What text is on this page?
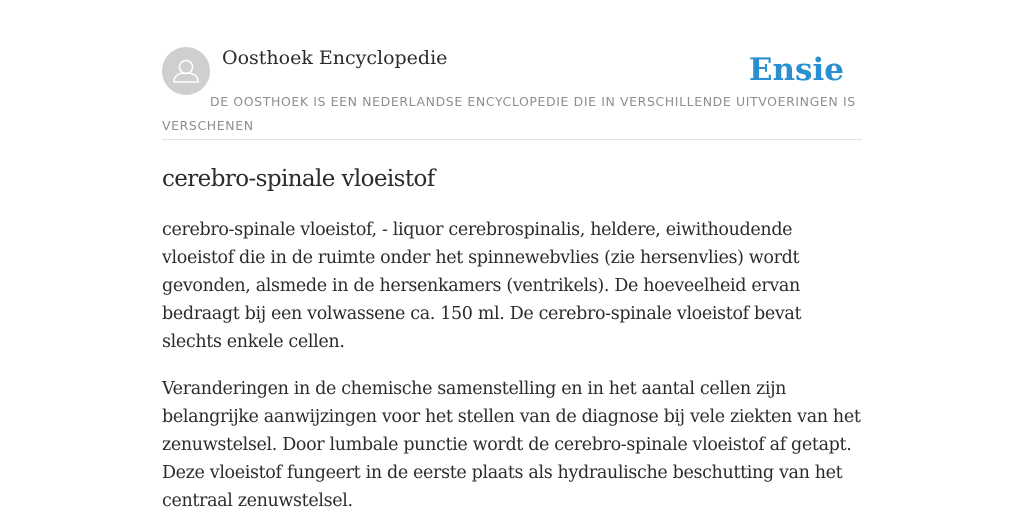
Oosthoek Encyclopedie	Ensie

DE OOSTHOEK IS EEN NEDERLANDSE ENCYCLOPEDIE DIE IN VERSCHILLENDE UITVOERINGEN IS VERSCHENEN

cerebro-spinale vloeistof

cerebro-spinale vloeistof, - liquor cerebrospinalis, heldere, eiwithoudende vloeistof die in de ruimte onder het spinnewebvlies (zie hersenvlies) wordt gevonden, alsmede in de hersenkamers (ventrikels). De hoeveelheid ervan bedraagt bij een volwassene ca. 150 ml. De cerebro-spinale vloeistof bevat slechts enkele cellen.

Veranderingen in de chemische samenstelling en in het aantal cellen zijn belangrijke aanwijzingen voor het stellen van de diagnose bij vele ziekten van het zenuwstelsel. Door lumbale punctie wordt de cerebro-spinale vloeistof af getapt. Deze vloeistof fungeert in de eerste plaats als hydraulische beschutting van het centraal zenuwstelsel.
